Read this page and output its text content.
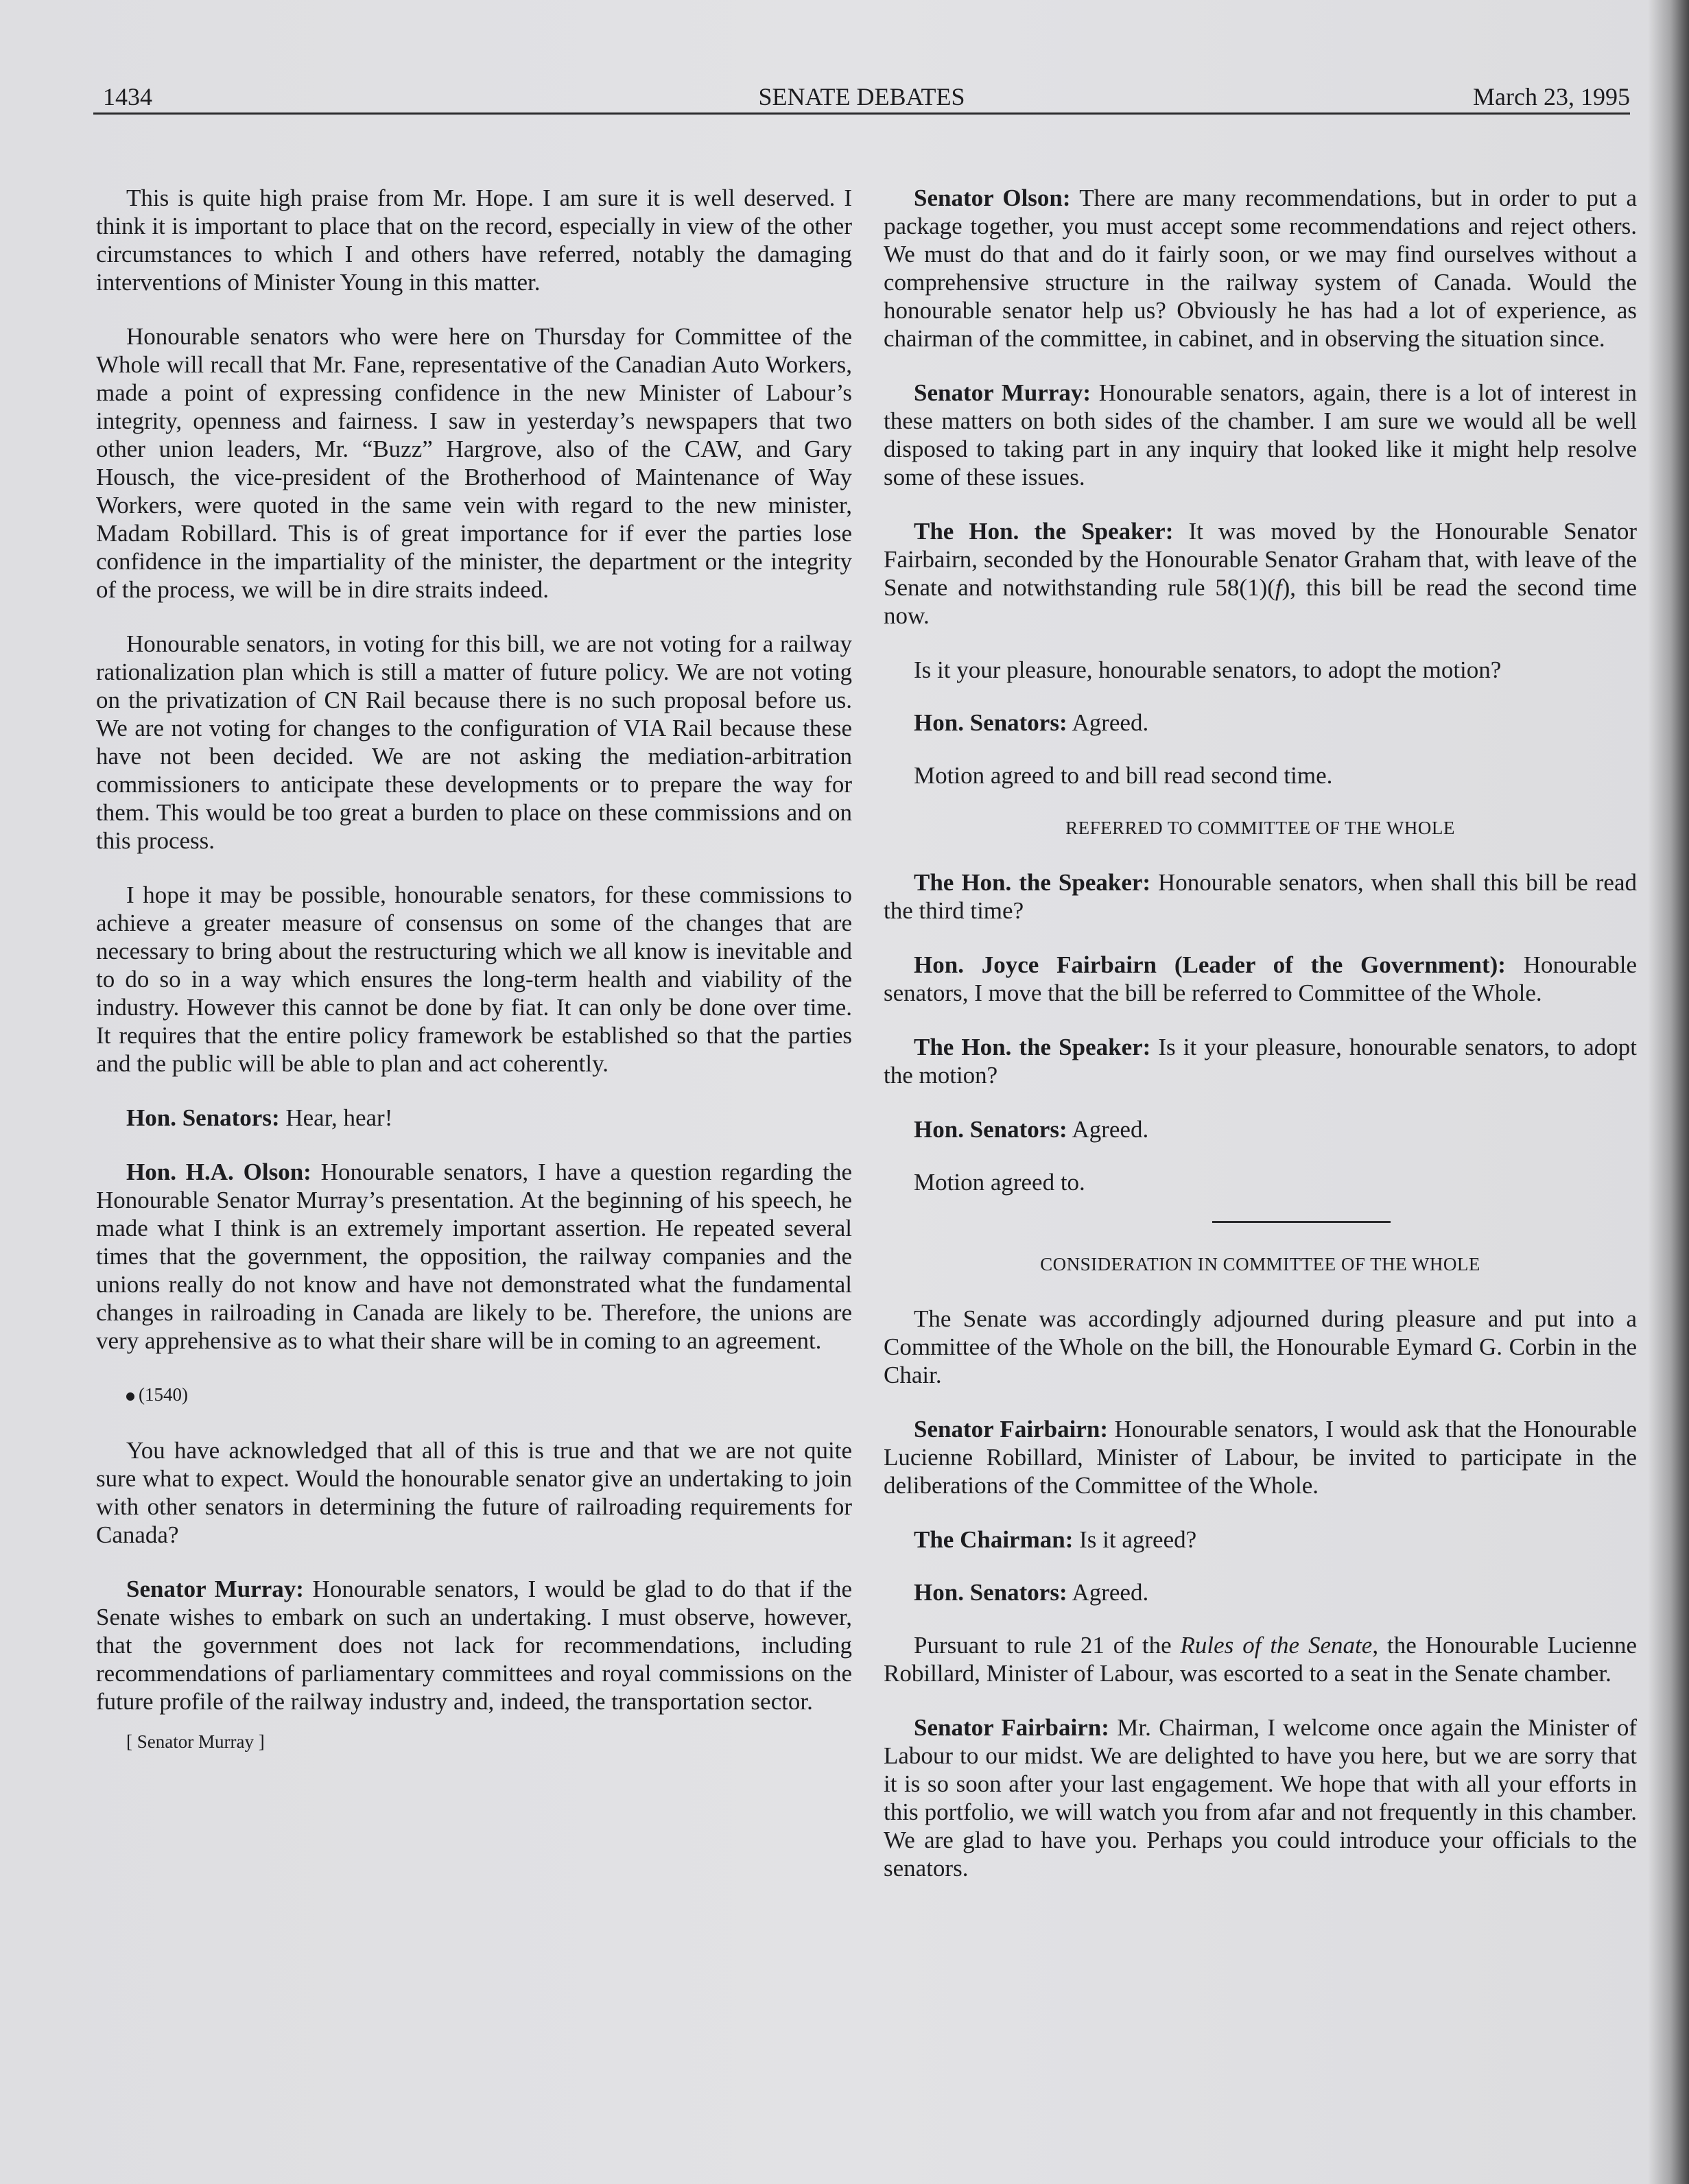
1434	SENATE DEBATES	March 23, 1995

This is quite high praise from Mr. Hope. I am sure it is well deserved. I think it is important to place that on the record, especially in view of the other circumstances to which I and others have referred, notably the damaging interventions of Minister Young in this matter.

Honourable senators who were here on Thursday for Committee of the Whole will recall that Mr. Fane, representative of the Canadian Auto Workers, made a point of expressing confidence in the new Minister of Labour’s integrity, openness and fairness. I saw in yesterday’s newspapers that two other union leaders, Mr. “Buzz” Hargrove, also of the CAW, and Gary Housch, the vice-president of the Brotherhood of Maintenance of Way Workers, were quoted in the same vein with regard to the new minister, Madam Robillard. This is of great importance for if ever the parties lose confidence in the impartiality of the minister, the department or the integrity of the process, we will be in dire straits indeed.

Honourable senators, in voting for this bill, we are not voting for a railway rationalization plan which is still a matter of future policy. We are not voting on the privatization of CN Rail because there is no such proposal before us. We are not voting for changes to the configuration of VIA Rail because these have not been decided. We are not asking the mediation-arbitration commissioners to anticipate these developments or to prepare the way for them. This would be too great a burden to place on these commissions and on this process.

I hope it may be possible, honourable senators, for these commissions to achieve a greater measure of consensus on some of the changes that are necessary to bring about the restructuring which we all know is inevitable and to do so in a way which ensures the long-term health and viability of the industry. However this cannot be done by fiat. It can only be done over time. It requires that the entire policy framework be established so that the parties and the public will be able to plan and act coherently.

Hon. Senators: Hear, hear!

Hon. H.A. Olson: Honourable senators, I have a question regarding the Honourable Senator Murray’s presentation. At the beginning of his speech, he made what I think is an extremely important assertion. He repeated several times that the government, the opposition, the railway companies and the unions really do not know and have not demonstrated what the fundamental changes in railroading in Canada are likely to be. Therefore, the unions are very apprehensive as to what their share will be in coming to an agreement.

(1540)

You have acknowledged that all of this is true and that we are not quite sure what to expect. Would the honourable senator give an undertaking to join with other senators in determining the future of railroading requirements for Canada?

Senator Murray: Honourable senators, I would be glad to do that if the Senate wishes to embark on such an undertaking. I must observe, however, that the government does not lack for recommendations, including recommendations of parliamentary committees and royal commissions on the future profile of the railway industry and, indeed, the transportation sector.

[ Senator Murray ]

Senator Olson: There are many recommendations, but in order to put a package together, you must accept some recommendations and reject others. We must do that and do it fairly soon, or we may find ourselves without a comprehensive structure in the railway system of Canada. Would the honourable senator help us? Obviously he has had a lot of experience, as chairman of the committee, in cabinet, and in observing the situation since.

Senator Murray: Honourable senators, again, there is a lot of interest in these matters on both sides of the chamber. I am sure we would all be well disposed to taking part in any inquiry that looked like it might help resolve some of these issues.

The Hon. the Speaker: It was moved by the Honourable Senator Fairbairn, seconded by the Honourable Senator Graham that, with leave of the Senate and notwithstanding rule 58(1)(f), this bill be read the second time now.

Is it your pleasure, honourable senators, to adopt the motion?

Hon. Senators: Agreed.

Motion agreed to and bill read second time.

REFERRED TO COMMITTEE OF THE WHOLE

The Hon. the Speaker: Honourable senators, when shall this bill be read the third time?

Hon. Joyce Fairbairn (Leader of the Government): Honourable senators, I move that the bill be referred to Committee of the Whole.

The Hon. the Speaker: Is it your pleasure, honourable senators, to adopt the motion?

Hon. Senators: Agreed.

Motion agreed to.

CONSIDERATION IN COMMITTEE OF THE WHOLE

The Senate was accordingly adjourned during pleasure and put into a Committee of the Whole on the bill, the Honourable Eymard G. Corbin in the Chair.

Senator Fairbairn: Honourable senators, I would ask that the Honourable Lucienne Robillard, Minister of Labour, be invited to participate in the deliberations of the Committee of the Whole.

The Chairman: Is it agreed?

Hon. Senators: Agreed.

Pursuant to rule 21 of the Rules of the Senate, the Honourable Lucienne Robillard, Minister of Labour, was escorted to a seat in the Senate chamber.

Senator Fairbairn: Mr. Chairman, I welcome once again the Minister of Labour to our midst. We are delighted to have you here, but we are sorry that it is so soon after your last engagement. We hope that with all your efforts in this portfolio, we will watch you from afar and not frequently in this chamber. We are glad to have you. Perhaps you could introduce your officials to the senators.
